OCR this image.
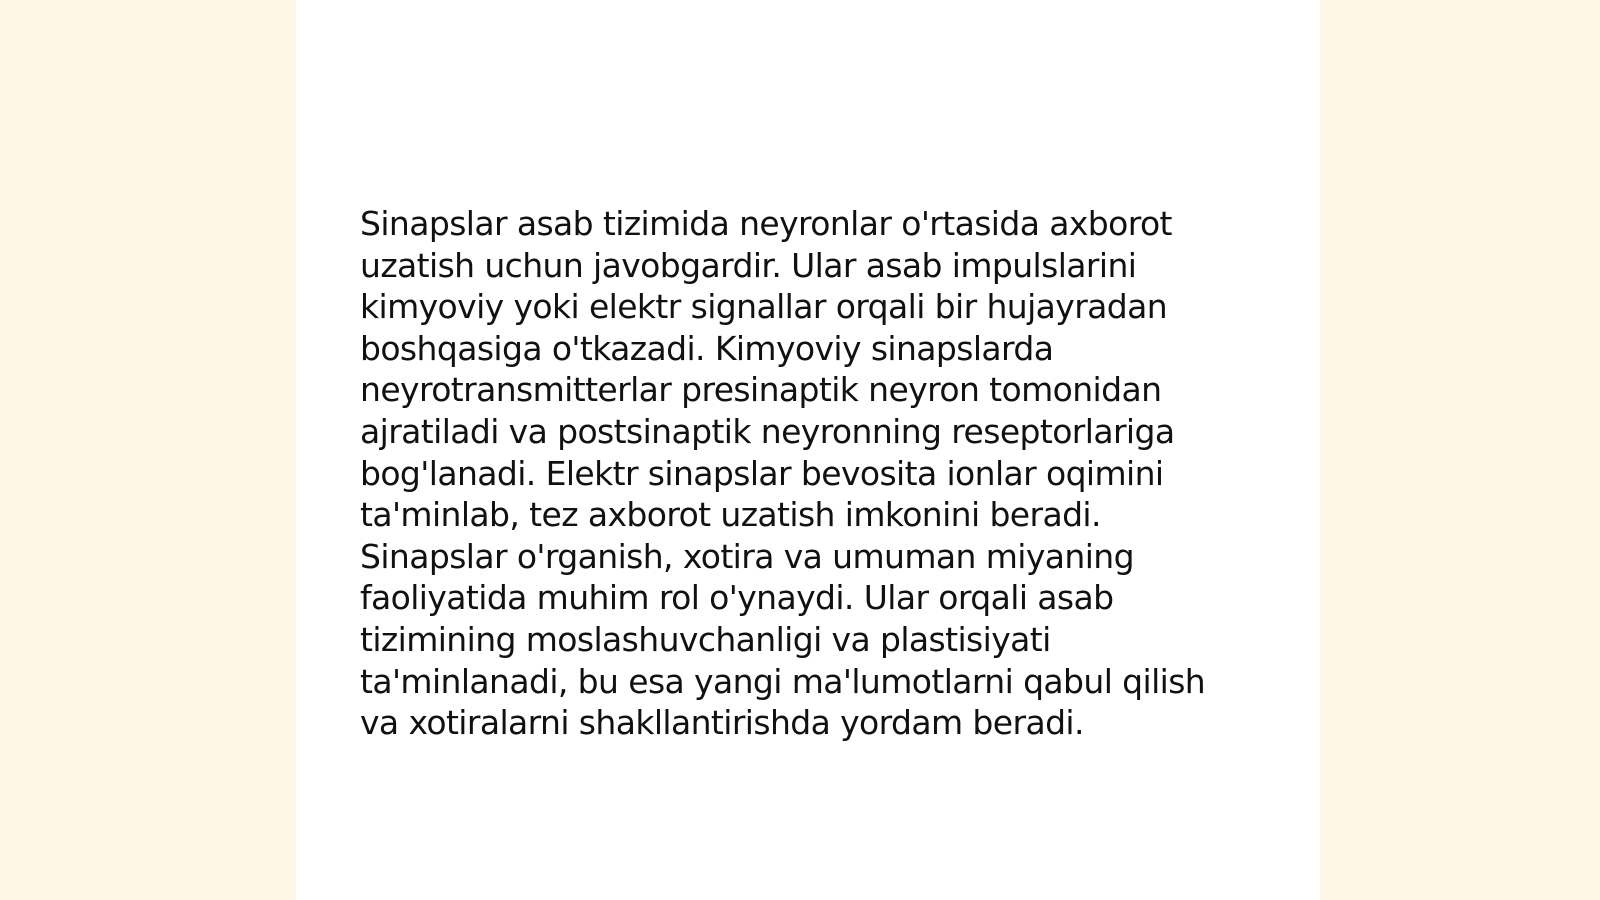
Sinapslar asab tizimida neyronlar o'rtasida axborot
uzatish uchun javobgardir. Ular asab impulslarini
kimyoviy yoki elektr signallar orqali bir hujayradan
boshqasiga o'tkazadi. Kimyoviy sinapslarda
neyrotransmitterlar presinaptik neyron tomonidan
ajratiladi va postsinaptik neyronning reseptorlariga
bog'lanadi. Elektr sinapslar bevosita ionlar oqimini
ta'minlab, tez axborot uzatish imkonini beradi.
Sinapslar o'rganish, xotira va umuman miyaning
faoliyatida muhim rol o'ynaydi. Ular orqali asab
tizimining moslashuvchanligi va plastisiyati
ta'minlanadi, bu esa yangi ma'lumotlarni qabul qilish
va xotiralarni shakllantirishda yordam beradi.
